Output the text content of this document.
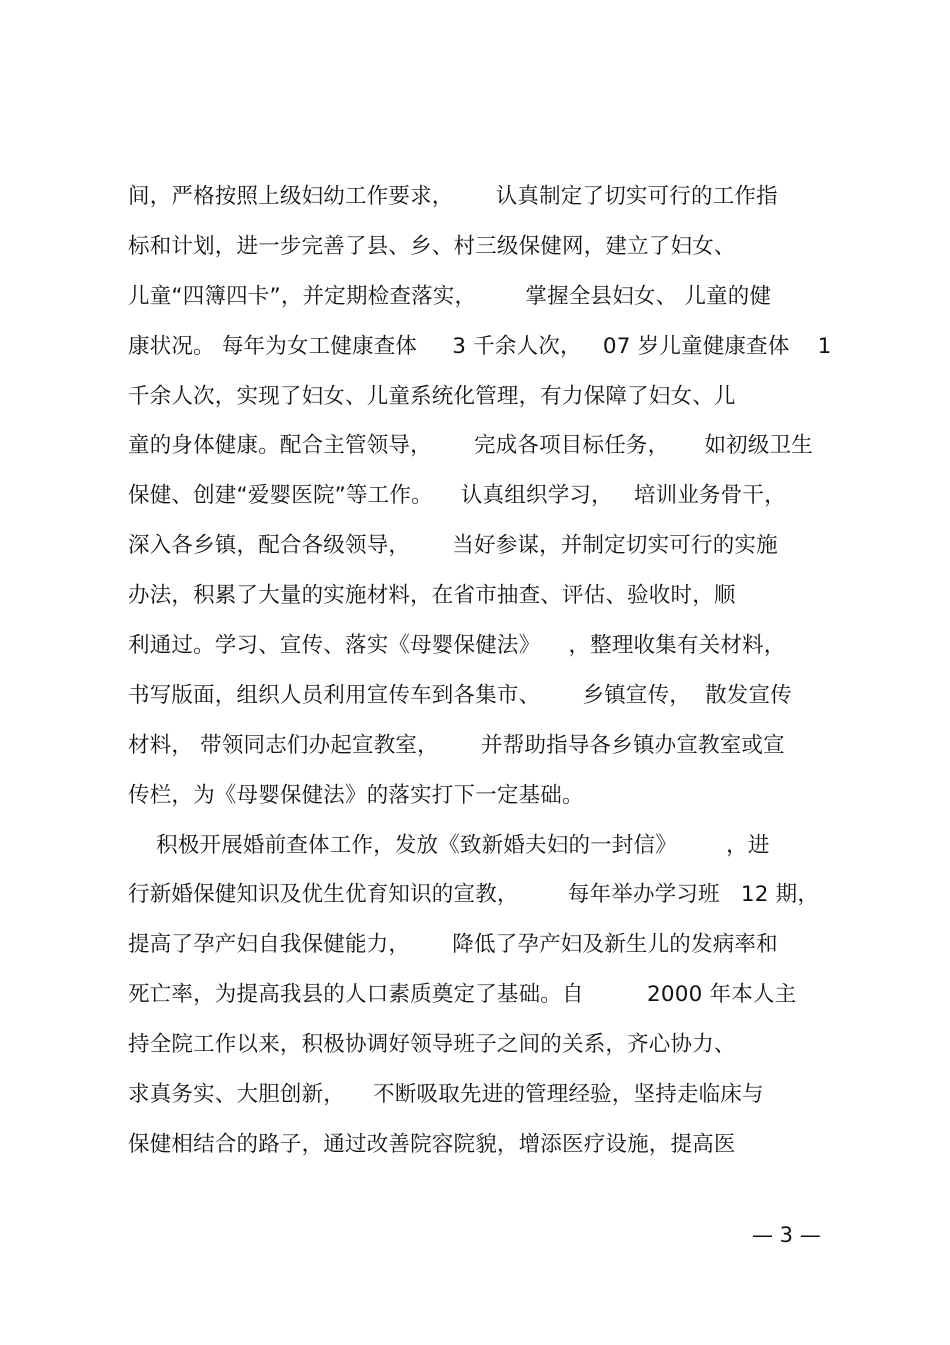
间，严格按照上级妇幼工作要求，      认真制定了切实可行的工作指
标和计划，进一步完善了县、乡、村三级保健网，建立了妇女、
儿童“四簿四卡”，并定期检查落实，       掌握全县妇女、 儿童的健
康状况。 每年为女工健康查体     3 千余人次，   07 岁儿童健康查体    1
千余人次，实现了妇女、儿童系统化管理，有力保障了妇女、儿
童的身体健康。配合主管领导，      完成各项目标任务，     如初级卫生
保健、创建“爱婴医院”等工作。    认真组织学习，   培训业务骨干，
深入各乡镇，配合各级领导，      当好参谋，并制定切实可行的实施
办法，积累了大量的实施材料，在省市抽查、评估、验收时，顺
利通过。学习、宣传、落实《母婴保健法》    ，整理收集有关材料，
书写版面，组织人员利用宣传车到各集市、      乡镇宣传，  散发宣传
材料， 带领同志们办起宣教室，      并帮助指导各乡镇办宣教室或宣
传栏，为《母婴保健法》的落实打下一定基础。
积极开展婚前查体工作，发放《致新婚夫妇的一封信》       ，进
行新婚保健知识及优生优育知识的宣教，       每年举办学习班   12 期，
提高了孕产妇自我保健能力，      降低了孕产妇及新生儿的发病率和
死亡率，为提高我县的人口素质奠定了基础。自         2000 年本人主
持全院工作以来，积极协调好领导班子之间的关系，齐心协力、
求真务实、大胆创新，    不断吸取先进的管理经验，坚持走临床与
保健相结合的路子，通过改善院容院貌，增添医疗设施，提高医
— 3 —
